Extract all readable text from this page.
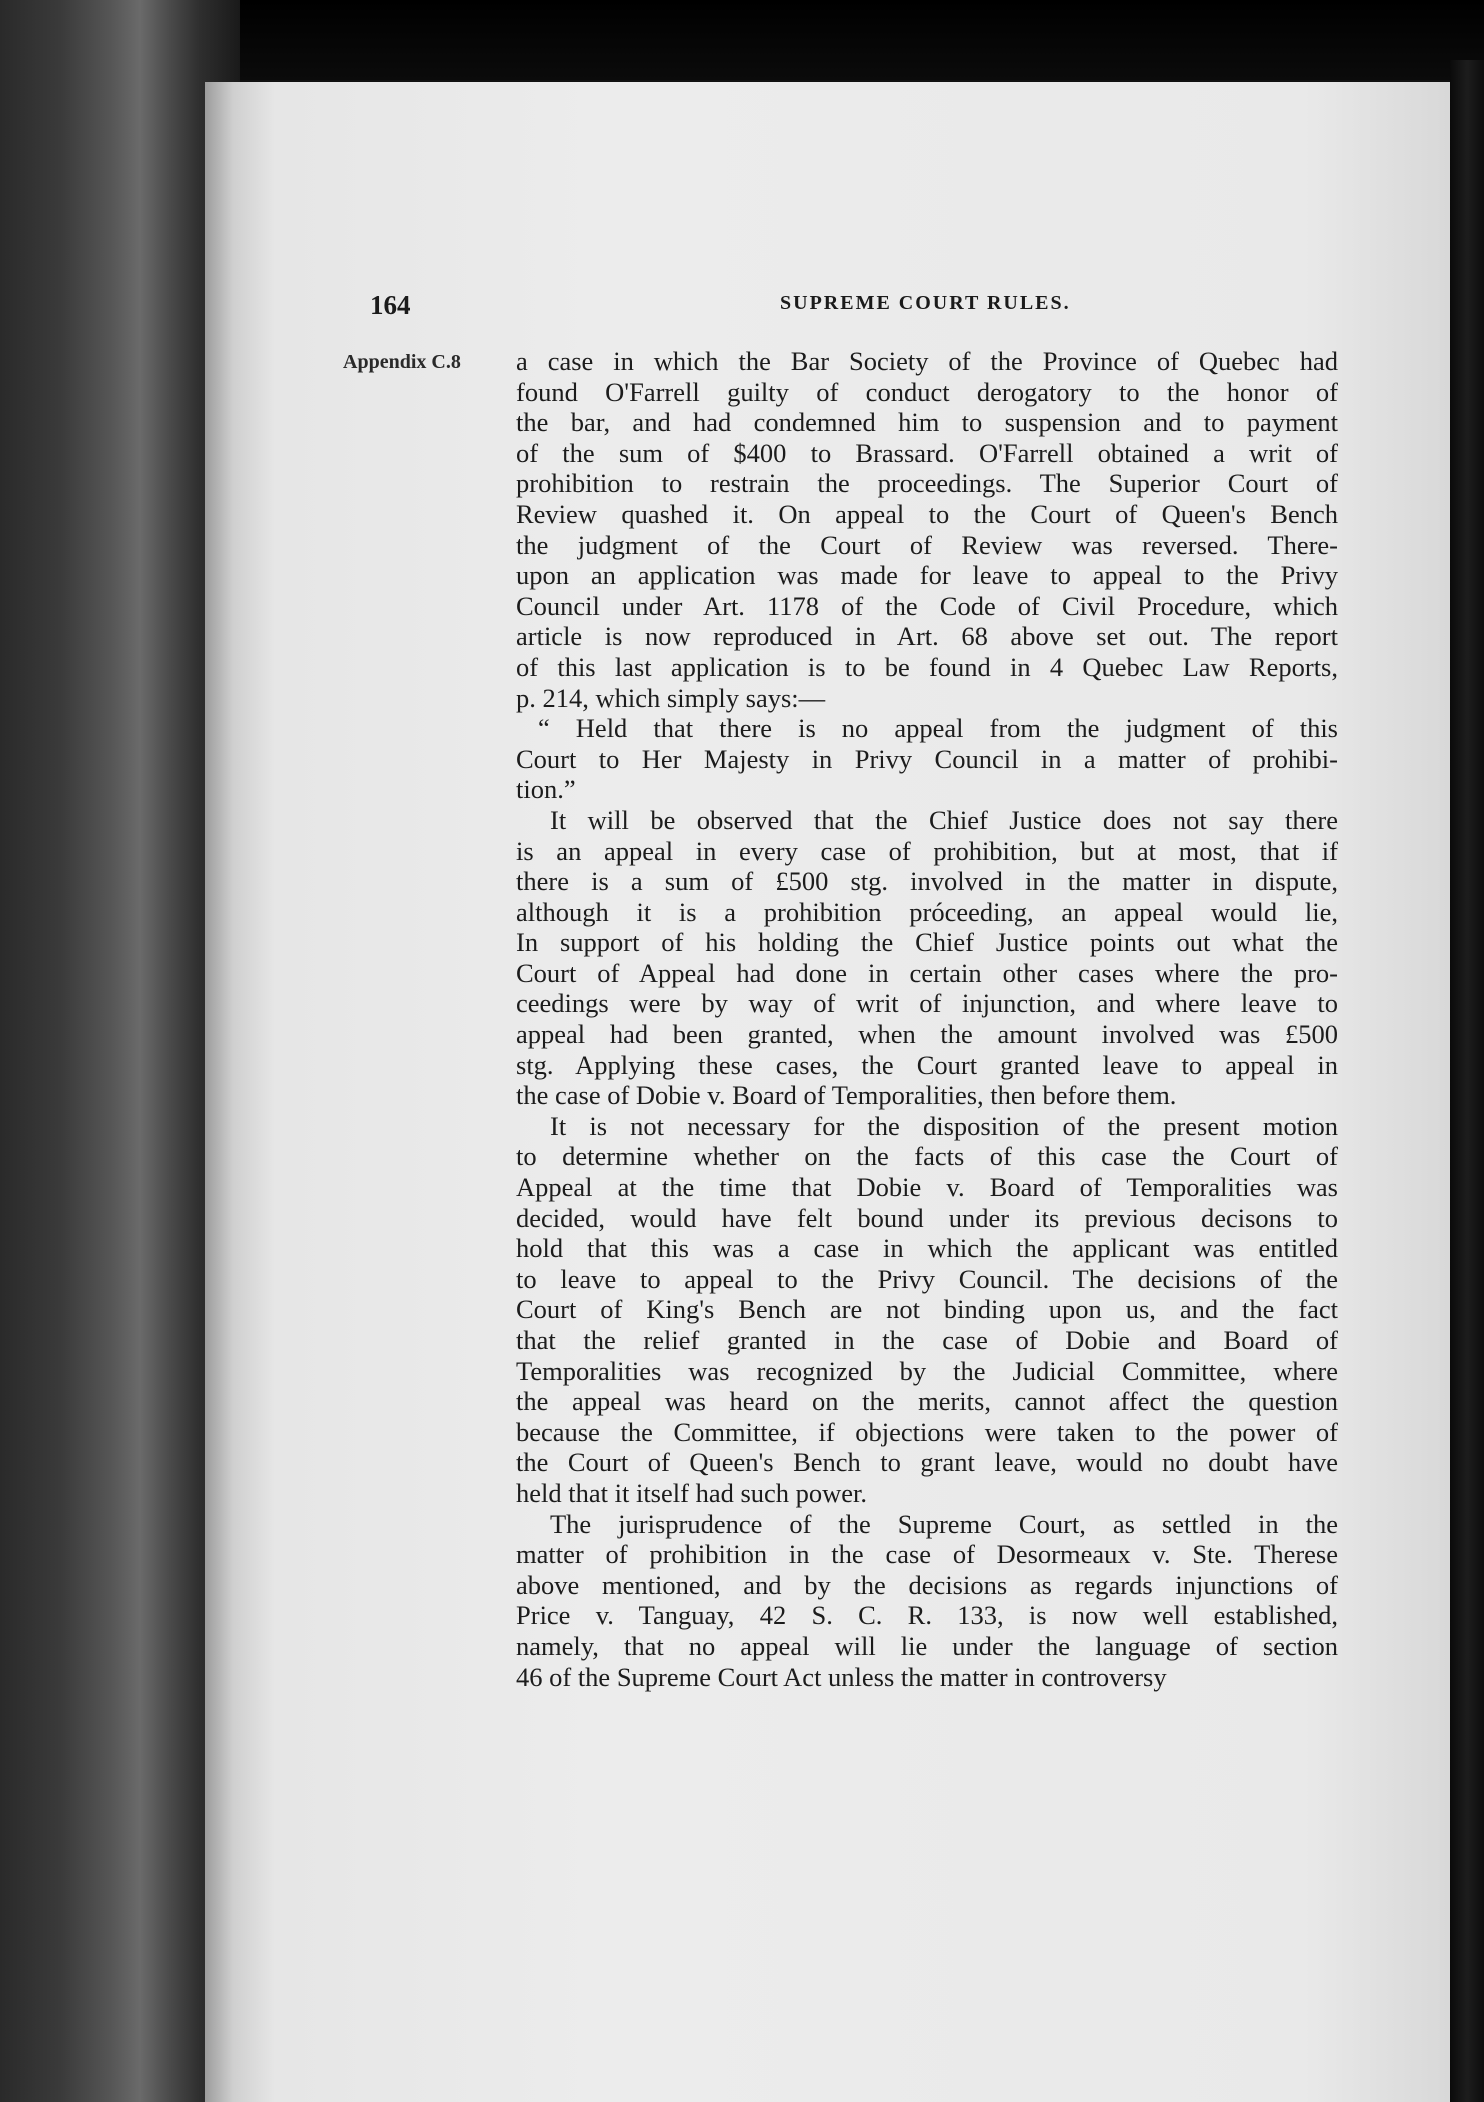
164	SUPREME COURT RULES.
Appendix C.8 a case in which the Bar Society of the Province of Quebec had
found O'Farrell guilty of conduct derogatory to the honor of
the bar, and had condemned him to suspension and to payment
of the sum of $400 to Brassard. O'Farrell obtained a writ of
prohibition to restrain the proceedings. The Superior Court of
Review quashed it. On appeal to the Court of Queen's Bench
the judgment of the Court of Review was reversed. There-
upon an application was made for leave to appeal to the Privy
Council under Art. 1178 of the Code of Civil Procedure, which
article is now reproduced in Art. 68 above set out. The report
of this last application is to be found in 4 Quebec Law Reports,
p. 214, which simply says:—
“ Held that there is no appeal from the judgment of this
Court to Her Majesty in Privy Council in a matter of prohibi-
tion.”
It will be observed that the Chief Justice does not say there
is an appeal in every case of prohibition, but at most, that if
there is a sum of £500 stg. involved in the matter in dispute,
although it is a prohibition próceeding, an appeal would lie,
In support of his holding the Chief Justice points out what the
Court of Appeal had done in certain other cases where the pro-
ceedings were by way of writ of injunction, and where leave to
appeal had been granted, when the amount involved was £500
stg. Applying these cases, the Court granted leave to appeal in
the case of Dobie v. Board of Temporalities, then before them.
It is not necessary for the disposition of the present motion
to determine whether on the facts of this case the Court of
Appeal at the time that Dobie v. Board of Temporalities was
decided, would have felt bound under its previous decisons to
hold that this was a case in which the applicant was entitled
to leave to appeal to the Privy Council. The decisions of the
Court of King's Bench are not binding upon us, and the fact
that the relief granted in the case of Dobie and Board of
Temporalities was recognized by the Judicial Committee, where
the appeal was heard on the merits, cannot affect the question
because the Committee, if objections were taken to the power of
the Court of Queen's Bench to grant leave, would no doubt have
held that it itself had such power.
The jurisprudence of the Supreme Court, as settled in the
matter of prohibition in the case of Desormeaux v. Ste. Therese
above mentioned, and by the decisions as regards injunctions of
Price v. Tanguay, 42 S. C. R. 133, is now well established,
namely, that no appeal will lie under the language of section
46 of the Supreme Court Act unless the matter in controversy
